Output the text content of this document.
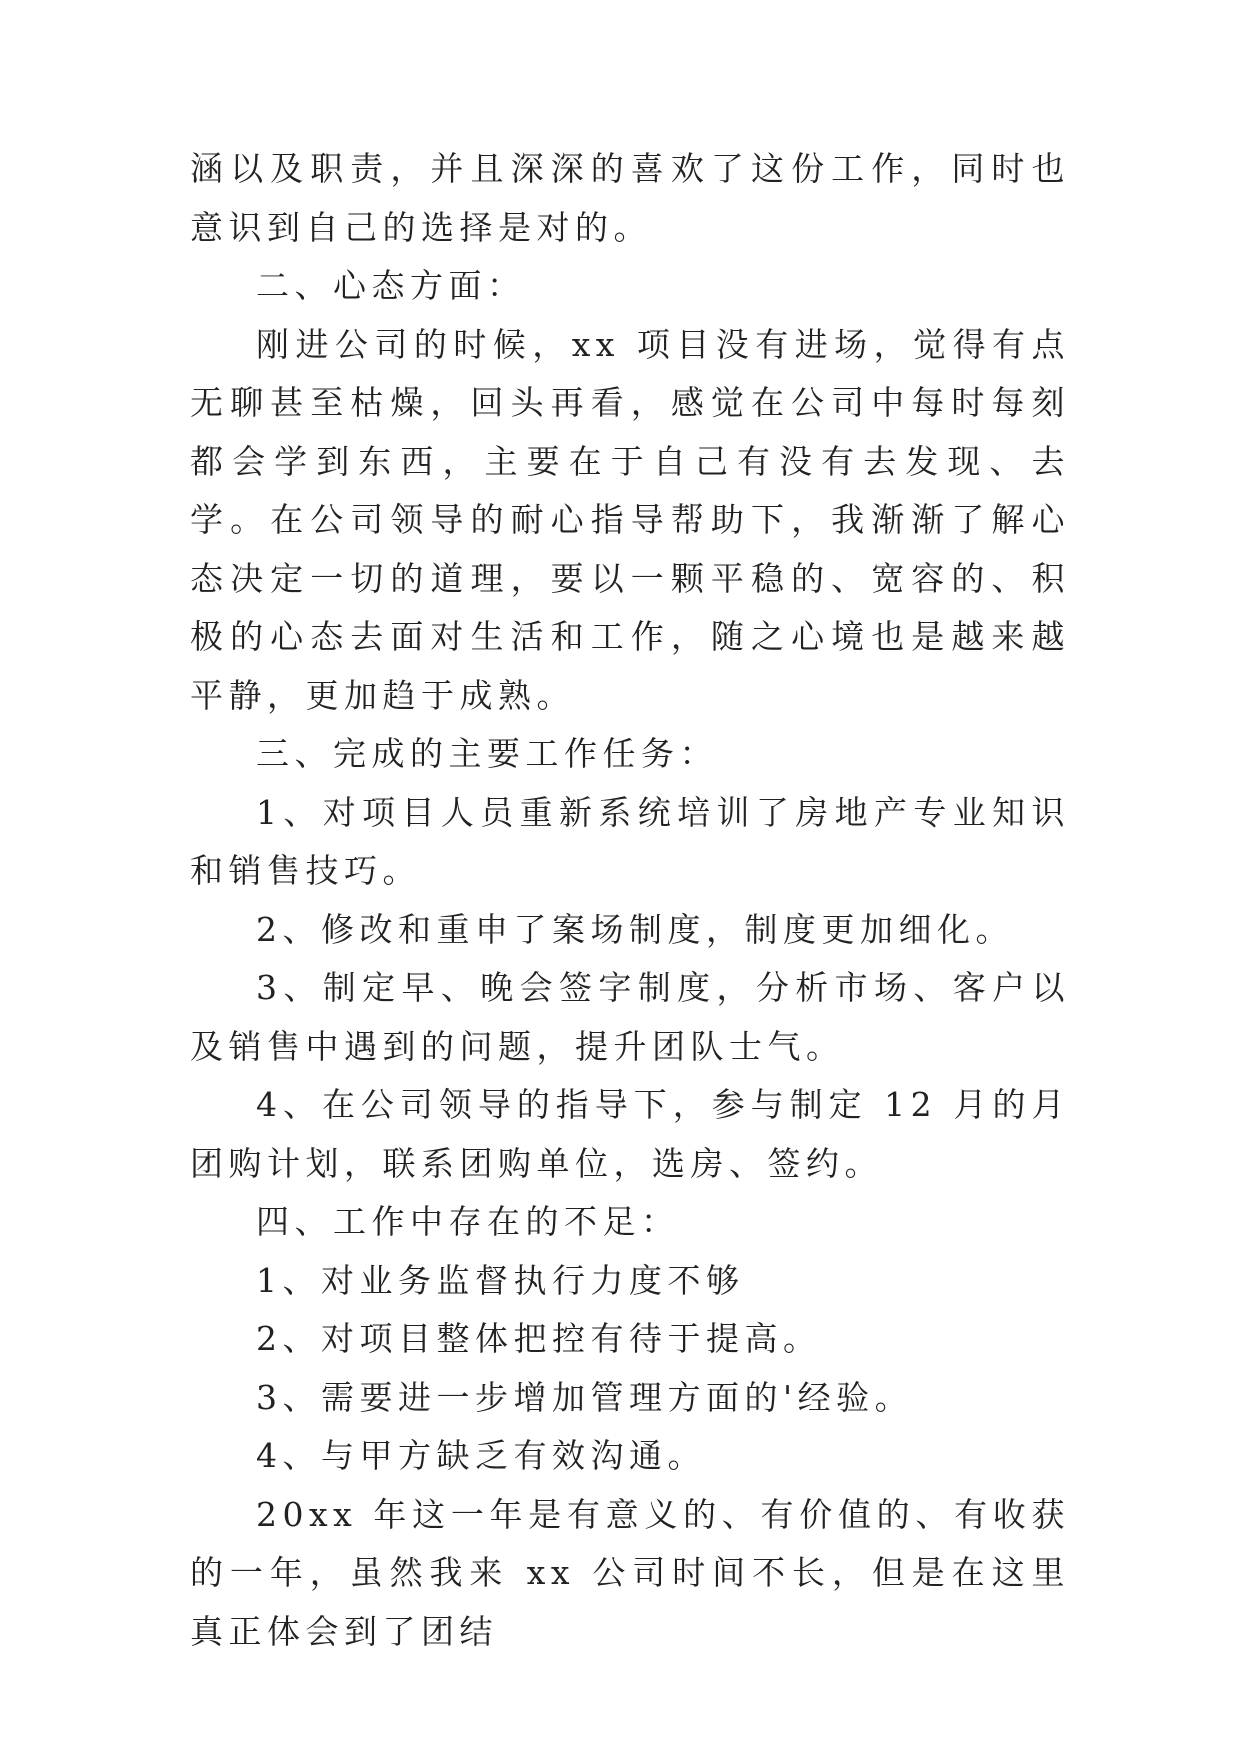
涵以及职责，并且深深的喜欢了这份工作，同时也意识到自己的选择是对的。

二、心态方面：

刚进公司的时候，xx 项目没有进场，觉得有点无聊甚至枯燥，回头再看，感觉在公司中每时每刻都会学到东西，主要在于自己有没有去发现、去学。在公司领导的耐心指导帮助下，我渐渐了解心态决定一切的道理，要以一颗平稳的、宽容的、积极的心态去面对生活和工作，随之心境也是越来越平静，更加趋于成熟。

三、完成的主要工作任务：

1、对项目人员重新系统培训了房地产专业知识和销售技巧。

2、修改和重申了案场制度，制度更加细化。

3、制定早、晚会签字制度，分析市场、客户以及销售中遇到的问题，提升团队士气。

4、在公司领导的指导下，参与制定 12 月的月团购计划，联系团购单位，选房、签约。

四、工作中存在的不足：

1、对业务监督执行力度不够

2、对项目整体把控有待于提高。

3、需要进一步增加管理方面的'经验。

4、与甲方缺乏有效沟通。

20xx 年这一年是有意义的、有价值的、有收获的一年，虽然我来 xx 公司时间不长，但是在这里真正体会到了团结
